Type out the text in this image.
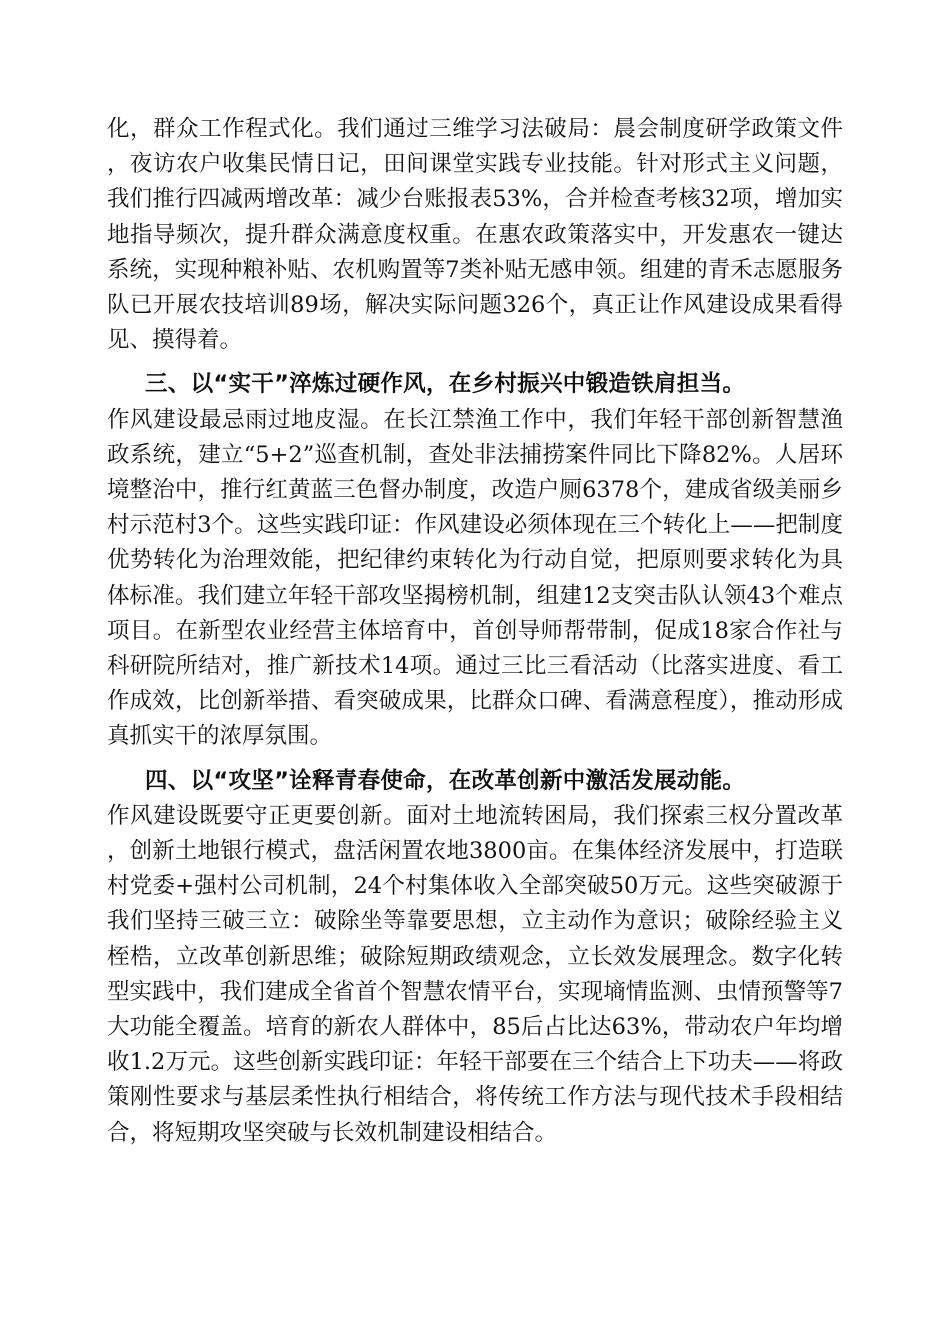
化，群众工作程式化。我们通过三维学习法破局：晨会制度研学政策文件，夜访农户收集民情日记，田间课堂实践专业技能。针对形式主义问题，我们推行四减两增改革：减少台账报表53%，合并检查考核32项，增加实地指导频次，提升群众满意度权重。在惠农政策落实中，开发惠农一键达系统，实现种粮补贴、农机购置等7类补贴无感申领。组建的青禾志愿服务队已开展农技培训89场，解决实际问题326个，真正让作风建设成果看得见、摸得着。

三、以“实干”淬炼过硬作风，在乡村振兴中锻造铁肩担当。

作风建设最忌雨过地皮湿。在长江禁渔工作中，我们年轻干部创新智慧渔政系统，建立“5+2”巡查机制，查处非法捕捞案件同比下降82%。人居环境整治中，推行红黄蓝三色督办制度，改造户厕6378个，建成省级美丽乡村示范村3个。这些实践印证：作风建设必须体现在三个转化上——把制度优势转化为治理效能，把纪律约束转化为行动自觉，把原则要求转化为具体标准。我们建立年轻干部攻坚揭榜机制，组建12支突击队认领43个难点项目。在新型农业经营主体培育中，首创导师帮带制，促成18家合作社与科研院所结对，推广新技术14项。通过三比三看活动（比落实进度、看工作成效，比创新举措、看突破成果，比群众口碑、看满意程度），推动形成真抓实干的浓厚氛围。

四、以“攻坚”诠释青春使命，在改革创新中激活发展动能。

作风建设既要守正更要创新。面对土地流转困局，我们探索三权分置改革，创新土地银行模式，盘活闲置农地3800亩。在集体经济发展中，打造联村党委+强村公司机制，24个村集体收入全部突破50万元。这些突破源于我们坚持三破三立：破除坐等靠要思想，立主动作为意识；破除经验主义桎梏，立改革创新思维；破除短期政绩观念，立长效发展理念。数字化转型实践中，我们建成全省首个智慧农情平台，实现墒情监测、虫情预警等7大功能全覆盖。培育的新农人群体中，85后占比达63%，带动农户年均增收1.2万元。这些创新实践印证：年轻干部要在三个结合上下功夫——将政策刚性要求与基层柔性执行相结合，将传统工作方法与现代技术手段相结合，将短期攻坚突破与长效机制建设相结合。
